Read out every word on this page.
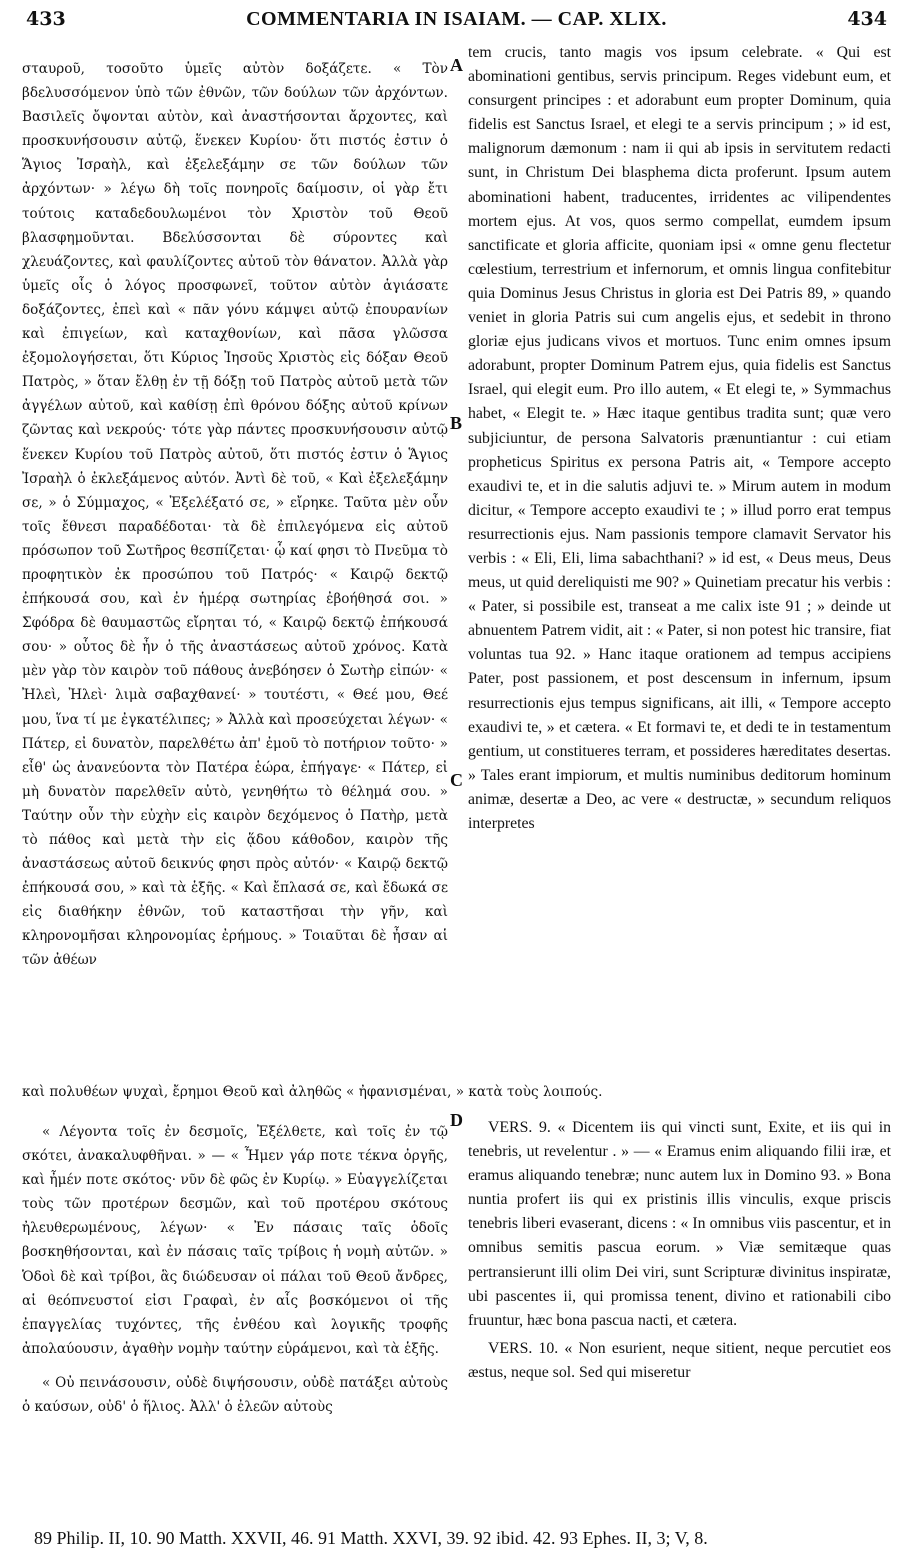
433	COMMENTARIA IN ISAIAM. — CAP. XLIX.	434

σταυροῦ, τοσοῦτο ὑμεῖς αὐτὸν δοξάζετε. « Τὸν βδελυσσόμενον ὑπὸ τῶν ἐθνῶν, τῶν δούλων τῶν ἀρχόντων. Βασιλεῖς ὄψονται αὐτὸν, καὶ ἀναστήσονται ἄρχοντες, καὶ προσκυνήσουσιν αὐτῷ, ἕνεκεν Κυρίου· ὅτι πιστός ἐστιν ὁ Ἅγιος Ἰσραὴλ, καὶ ἐξελεξάμην σε τῶν δούλων τῶν ἀρχόντων· » λέγω δὴ τοῖς πονηροῖς δαίμοσιν, οἱ γὰρ ἔτι τούτοις καταδεδουλωμένοι τὸν Χριστὸν τοῦ Θεοῦ βλασφημοῦνται. Βδελύσσονται δὲ σύροντες καὶ χλευάζοντες, καὶ φαυλίζοντες αὐτοῦ τὸν θάνατον. Ἀλλὰ γὰρ ὑμεῖς οἷς ὁ λόγος προσφωνεῖ, τοῦτον αὐτὸν ἁγιάσατε δοξάζοντες, ἐπεὶ καὶ « πᾶν γόνυ κάμψει αὐτῷ ἐπουρανίων καὶ ἐπιγείων, καὶ καταχθονίων, καὶ πᾶσα γλῶσσα ἐξομολογήσεται, ὅτι Κύριος Ἰησοῦς Χριστὸς εἰς δόξαν Θεοῦ Πατρὸς, » ὅταν ἔλθῃ ἐν τῇ δόξῃ τοῦ Πατρὸς αὐτοῦ μετὰ τῶν ἀγγέλων αὐτοῦ, καὶ καθίσῃ ἐπὶ θρόνου δόξης αὐτοῦ κρίνων ζῶντας καὶ νεκρούς· τότε γὰρ πάντες προσκυνήσουσιν αὐτῷ ἕνεκεν Κυρίου τοῦ Πατρὸς αὐτοῦ, ὅτι πιστός ἐστιν ὁ Ἅγιος Ἰσραὴλ ὁ ἐκλεξάμενος αὐτόν. Ἀντὶ δὲ τοῦ, « Καὶ ἐξελεξάμην σε, » ὁ Σύμμαχος, « Ἐξελέξατό σε, » εἴρηκε. Ταῦτα μὲν οὖν τοῖς ἔθνεσι παραδέδοται· τὰ δὲ ἐπιλεγόμενα εἰς αὐτοῦ πρόσωπον τοῦ Σωτῆρος θεσπίζεται· ᾧ καί φησι τὸ Πνεῦμα τὸ προφητικὸν ἐκ προσώπου τοῦ Πατρός· « Καιρῷ δεκτῷ ἐπήκουσά σου, καὶ ἐν ἡμέρᾳ σωτηρίας ἐβοήθησά σοι. » Σφόδρα δὲ θαυμαστῶς εἴρηται τό, « Καιρῷ δεκτῷ ἐπήκουσά σου· » οὗτος δὲ ἦν ὁ τῆς ἀναστάσεως αὐτοῦ χρόνος. Κατὰ μὲν γὰρ τὸν καιρὸν τοῦ πάθους ἀνεβόησεν ὁ Σωτὴρ εἰπών· « Ἠλεὶ, Ἠλεὶ· λιμὰ σαβαχθανεί· » τουτέστι, « Θεέ μου, Θεέ μου, ἵνα τί με ἐγκατέλιπες; » Ἀλλὰ καὶ προσεύχεται λέγων· « Πάτερ, εἰ δυνατὸν, παρελθέτω ἀπ' ἐμοῦ τὸ ποτήριον τοῦτο· » εἶθ' ὡς ἀνανεύοντα τὸν Πατέρα ἑώρα, ἐπήγαγε· « Πάτερ, εἰ μὴ δυνατὸν παρελθεῖν αὐτὸ, γενηθήτω τὸ θέλημά σου. » Ταύτην οὖν τὴν εὐχὴν εἰς καιρὸν δεχόμενος ὁ Πατὴρ, μετὰ τὸ πάθος καὶ μετὰ τὴν εἰς ᾅδου κάθοδον, καιρὸν τῆς ἀναστάσεως αὐτοῦ δεικνύς φησι πρὸς αὐτόν· « Καιρῷ δεκτῷ ἐπήκουσά σου, » καὶ τὰ ἑξῆς. « Καὶ ἔπλασά σε, καὶ ἔδωκά σε εἰς διαθήκην ἐθνῶν, τοῦ καταστῆσαι τὴν γῆν, καὶ κληρονομῆσαι κληρονομίας ἐρήμους. » Τοιαῦται δὲ ἦσαν αἱ τῶν ἀθέων

tem crucis, tanto magis vos ipsum celebrate. « Qui est abominationi gentibus, servis principum. Reges videbunt eum, et consurgent principes : et adorabunt eum propter Dominum, quia fidelis est Sanctus Israel, et elegi te a servis principum ; » id est, malignorum dæmonum : nam ii qui ab ipsis in servitutem redacti sunt, in Christum Dei blasphema dicta proferunt. Ipsum autem abominationi habent, traducentes, irridentes ac vilipendentes mortem ejus. At vos, quos sermo compellat, eumdem ipsum sanctificate et gloria afficite, quoniam ipsi « omne genu flectetur cœlestium, terrestrium et infernorum, et omnis lingua confitebitur quia Dominus Jesus Christus in gloria est Dei Patris 89, » quando veniet in gloria Patris sui cum angelis ejus, et sedebit in throno gloriæ ejus judicans vivos et mortuos. Tunc enim omnes ipsum adorabunt, propter Dominum Patrem ejus, quia fidelis est Sanctus Israel, qui elegit eum. Pro illo autem, « Et elegi te, » Symmachus habet, « Elegit te. » Hæc itaque gentibus tradita sunt; quæ vero subjiciuntur, de persona Salvatoris prænuntiantur : cui etiam propheticus Spiritus ex persona Patris ait, « Tempore accepto exaudivi te, et in die salutis adjuvi te. » Mirum autem in modum dicitur, « Tempore accepto exaudivi te ; » illud porro erat tempus resurrectionis ejus. Nam passionis tempore clamavit Servator his verbis : « Eli, Eli, lima sabachthani? » id est, « Deus meus, Deus meus, ut quid dereliquisti me 90? » Quinetiam precatur his verbis : « Pater, si possibile est, transeat a me calix iste 91 ; » deinde ut abnuentem Patrem vidit, ait : « Pater, si non potest hic transire, fiat voluntas tua 92. » Hanc itaque orationem ad tempus accipiens Pater, post passionem, et post descensum in infernum, ipsum resurrectionis ejus tempus significans, ait illi, « Tempore accepto exaudivi te, » et cætera. « Et formavi te, et dedi te in testamentum gentium, ut constitueres terram, et possideres hæreditates desertas. » Tales erant impiorum, et multis numinibus deditorum hominum animæ, desertæ a Deo, ac vere « destructæ, » secundum reliquos interpretes

καὶ πολυθέων ψυχαὶ, ἔρημοι Θεοῦ καὶ ἀληθῶς « ἠφανισμέναι, » κατὰ τοὺς λοιπούς.
A
B
C
D

« Λέγοντα τοῖς ἐν δεσμοῖς, Ἐξέλθετε, καὶ τοῖς ἐν τῷ σκότει, ἀνακαλυφθῆναι. » — « Ἦμεν γάρ ποτε τέκνα ὀργῆς, καὶ ἦμέν ποτε σκότος· νῦν δὲ φῶς ἐν Κυρίῳ. » Εὐαγγελίζεται τοὺς τῶν προτέρων δεσμῶν, καὶ τοῦ προτέρου σκότους ἠλευθερωμένους, λέγων· « Ἐν πάσαις ταῖς ὁδοῖς βοσκηθήσονται, καὶ ἐν πάσαις ταῖς τρίβοις ἡ νομὴ αὐτῶν. » Ὁδοὶ δὲ καὶ τρίβοι, ἃς διώδευσαν οἱ πάλαι τοῦ Θεοῦ ἄνδρες, αἱ θεόπνευστοί εἰσι Γραφαὶ, ἐν αἷς βοσκόμενοι οἱ τῆς ἐπαγγελίας τυχόντες, τῆς ἐνθέου καὶ λογικῆς τροφῆς ἀπολαύουσιν, ἀγαθὴν νομὴν ταύτην εὑράμενοι, καὶ τὰ ἑξῆς.

« Οὐ πεινάσουσιν, οὐδὲ διψήσουσιν, οὐδὲ πατάξει αὐτοὺς ὁ καύσων, οὐδ' ὁ ἥλιος. Ἀλλ' ὁ ἐλεῶν αὐτοὺς

VERS. 9. « Dicentem iis qui vincti sunt, Exite, et iis qui in tenebris, ut revelentur . » — « Eramus enim aliquando filii iræ, et eramus aliquando tenebræ; nunc autem lux in Domino 93. » Bona nuntia profert iis qui ex pristinis illis vinculis, exque priscis tenebris liberi evaserant, dicens : « In omnibus viis pascentur, et in omnibus semitis pascua eorum. » Viæ semitæque quas pertransierunt illi olim Dei viri, sunt Scripturæ divinitus inspiratæ, ubi pascentes ii, qui promissa tenent, divino et rationabili cibo fruuntur, hæc bona pascua nacti, et cætera.

VERS. 10. « Non esurient, neque sitient, neque percutiet eos æstus, neque sol. Sed qui miseretur

89 Philip. II, 10. 90 Matth. XXVII, 46. 91 Matth. XXVI, 39. 92 ibid. 42. 93 Ephes. II, 3; V, 8.
